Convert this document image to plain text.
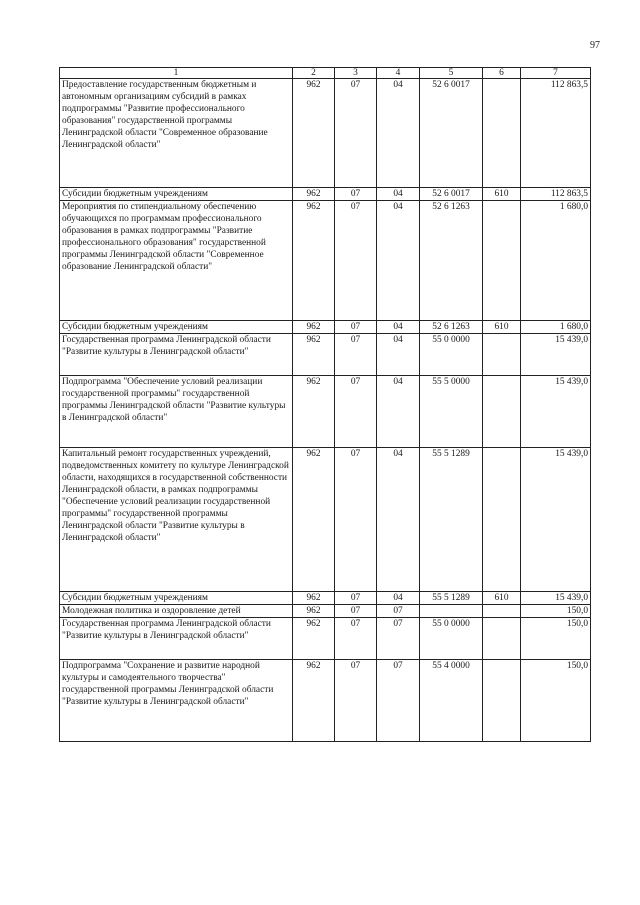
97
1	2	3	4	5	6	7
Предоставление государственным бюджетным и автономным организациям субсидий в рамках подпрограммы "Развитие профессионального образования" государственной программы Ленинградской области "Современное образование Ленинградской области"	962	07	04	52 6 0017		112 863,5
Субсидии бюджетным учреждениям	962	07	04	52 6 0017	610	112 863,5
Мероприятия по стипендиальному обеспечению обучающихся по программам профессионального образования в рамках подпрограммы "Развитие профессионального образования" государственной программы Ленинградской области "Современное образование Ленинградской области"	962	07	04	52 6 1263		1 680,0
Субсидии бюджетным учреждениям	962	07	04	52 6 1263	610	1 680,0
Государственная программа Ленинградской области "Развитие культуры в Ленинградской области"	962	07	04	55 0 0000		15 439,0
Подпрограмма "Обеспечение условий реализации государственной программы" государственной программы Ленинградской области "Развитие культуры в Ленинградской области"	962	07	04	55 5 0000		15 439,0
Капитальный ремонт государственных учреждений, подведомственных комитету по культуре Ленинградской области, находящихся в государственной собственности Ленинградской области, в рамках подпрограммы "Обеспечение условий реализации государственной программы" государственной программы Ленинградской области "Развитие культуры в Ленинградской области"	962	07	04	55 5 1289		15 439,0
Субсидии бюджетным учреждениям	962	07	04	55 5 1289	610	15 439,0
Молодежная политика и оздоровление детей	962	07	07			150,0
Государственная программа Ленинградской области "Развитие культуры в Ленинградской области"	962	07	07	55 0 0000		150,0
Подпрограмма "Сохранение и развитие народной культуры и самодеятельного творчества" государственной программы Ленинградской области "Развитие культуры в Ленинградской области"	962	07	07	55 4 0000		150,0
